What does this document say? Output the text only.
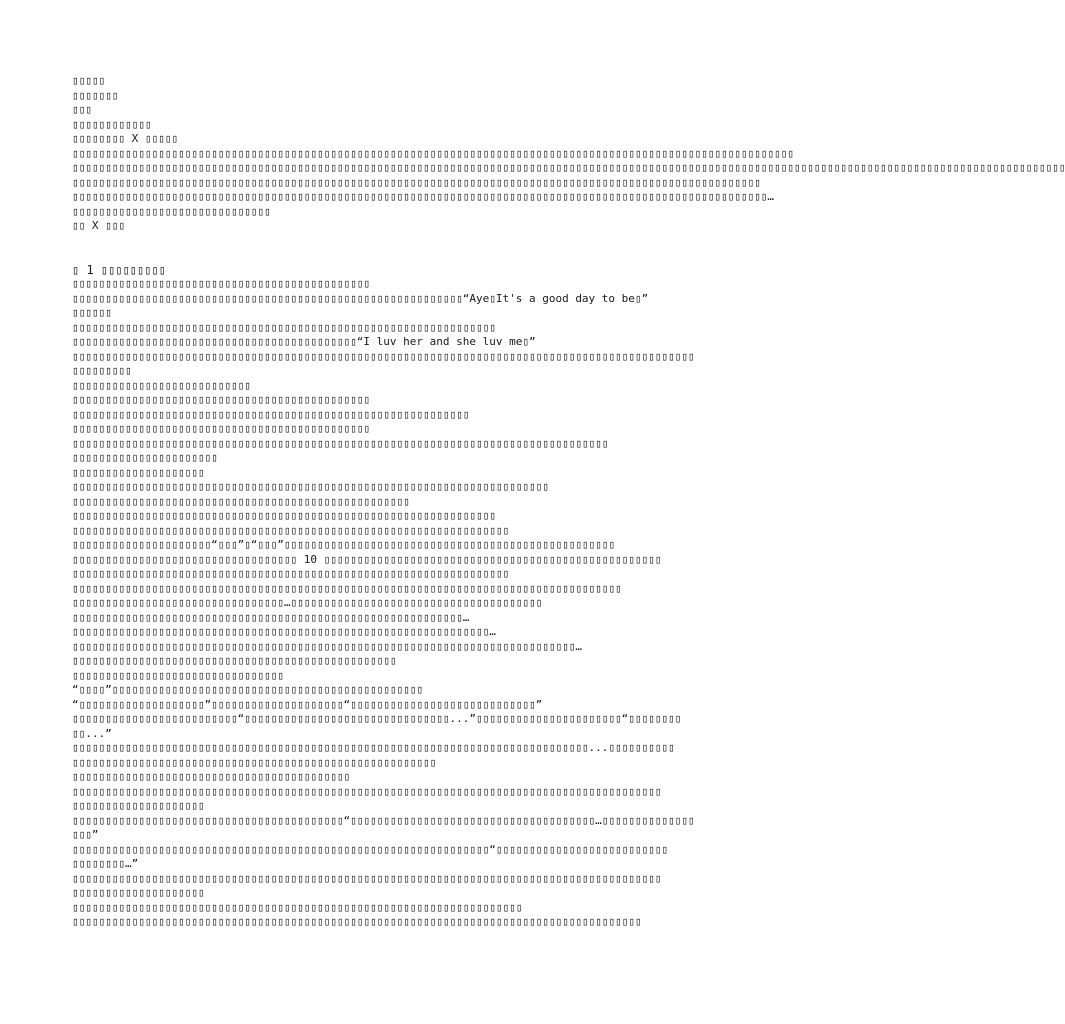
▯▯▯▯▯
▯▯▯▯▯▯▯
▯▯▯
▯▯▯▯▯▯▯▯▯▯▯▯
▯▯▯▯▯▯▯▯ X ▯▯▯▯▯
▯▯▯▯▯▯▯▯▯▯▯▯▯▯▯▯▯▯▯▯▯▯▯▯▯▯▯▯▯▯▯▯▯▯▯▯▯▯▯▯▯▯▯▯▯▯▯▯▯▯▯▯▯▯▯▯▯▯▯▯▯▯▯▯▯▯▯▯▯▯▯▯▯▯▯▯▯▯▯▯▯▯▯▯▯▯▯▯▯▯▯▯▯▯▯▯▯▯▯▯▯▯▯▯▯▯▯▯▯
▯▯▯▯▯▯▯▯▯▯▯▯▯▯▯▯▯▯▯▯▯▯▯▯▯▯▯▯▯▯▯▯▯▯▯▯▯▯▯▯▯▯▯▯▯▯▯▯▯▯▯▯▯▯▯▯▯▯▯▯▯▯▯▯▯▯▯▯▯▯▯▯▯▯▯▯▯▯▯▯▯▯▯▯▯▯▯▯▯▯▯▯▯▯▯▯▯▯▯▯▯▯▯▯▯▯▯▯▯▯▯▯▯▯▯▯▯▯▯▯▯▯▯▯▯▯▯▯▯▯▯▯▯▯▯▯▯▯▯▯▯▯▯▯▯▯▯▯▯▯
▯▯▯▯▯▯▯▯▯▯▯▯▯▯▯▯▯▯▯▯▯▯▯▯▯▯▯▯▯▯▯▯▯▯▯▯▯▯▯▯▯▯▯▯▯▯▯▯▯▯▯▯▯▯▯▯▯▯▯▯▯▯▯▯▯▯▯▯▯▯▯▯▯▯▯▯▯▯▯▯▯▯▯▯▯▯▯▯▯▯▯▯▯▯▯▯▯▯▯▯▯▯▯▯
▯▯▯▯▯▯▯▯▯▯▯▯▯▯▯▯▯▯▯▯▯▯▯▯▯▯▯▯▯▯▯▯▯▯▯▯▯▯▯▯▯▯▯▯▯▯▯▯▯▯▯▯▯▯▯▯▯▯▯▯▯▯▯▯▯▯▯▯▯▯▯▯▯▯▯▯▯▯▯▯▯▯▯▯▯▯▯▯▯▯▯▯▯▯▯▯▯▯▯▯▯▯▯▯▯…
▯▯▯▯▯▯▯▯▯▯▯▯▯▯▯▯▯▯▯▯▯▯▯▯▯▯▯▯▯▯
▯▯ X ▯▯▯
▯ 1 ▯▯▯▯▯▯▯▯▯
▯▯▯▯▯▯▯▯▯▯▯▯▯▯▯▯▯▯▯▯▯▯▯▯▯▯▯▯▯▯▯▯▯▯▯▯▯▯▯▯▯▯▯▯▯
▯▯▯▯▯▯▯▯▯▯▯▯▯▯▯▯▯▯▯▯▯▯▯▯▯▯▯▯▯▯▯▯▯▯▯▯▯▯▯▯▯▯▯▯▯▯▯▯▯▯▯▯▯▯▯▯▯▯▯“Aye▯It's a good day to be▯”
▯▯▯▯▯▯
▯▯▯▯▯▯▯▯▯▯▯▯▯▯▯▯▯▯▯▯▯▯▯▯▯▯▯▯▯▯▯▯▯▯▯▯▯▯▯▯▯▯▯▯▯▯▯▯▯▯▯▯▯▯▯▯▯▯▯▯▯▯▯▯
▯▯▯▯▯▯▯▯▯▯▯▯▯▯▯▯▯▯▯▯▯▯▯▯▯▯▯▯▯▯▯▯▯▯▯▯▯▯▯▯▯▯▯“I luv her and she luv me▯”
▯▯▯▯▯▯▯▯▯▯▯▯▯▯▯▯▯▯▯▯▯▯▯▯▯▯▯▯▯▯▯▯▯▯▯▯▯▯▯▯▯▯▯▯▯▯▯▯▯▯▯▯▯▯▯▯▯▯▯▯▯▯▯▯▯▯▯▯▯▯▯▯▯▯▯▯▯▯▯▯▯▯▯▯▯▯▯▯▯▯▯▯▯▯
▯▯▯▯▯▯▯▯▯
▯▯▯▯▯▯▯▯▯▯▯▯▯▯▯▯▯▯▯▯▯▯▯▯▯▯▯
▯▯▯▯▯▯▯▯▯▯▯▯▯▯▯▯▯▯▯▯▯▯▯▯▯▯▯▯▯▯▯▯▯▯▯▯▯▯▯▯▯▯▯▯▯
▯▯▯▯▯▯▯▯▯▯▯▯▯▯▯▯▯▯▯▯▯▯▯▯▯▯▯▯▯▯▯▯▯▯▯▯▯▯▯▯▯▯▯▯▯▯▯▯▯▯▯▯▯▯▯▯▯▯▯▯
▯▯▯▯▯▯▯▯▯▯▯▯▯▯▯▯▯▯▯▯▯▯▯▯▯▯▯▯▯▯▯▯▯▯▯▯▯▯▯▯▯▯▯▯▯
▯▯▯▯▯▯▯▯▯▯▯▯▯▯▯▯▯▯▯▯▯▯▯▯▯▯▯▯▯▯▯▯▯▯▯▯▯▯▯▯▯▯▯▯▯▯▯▯▯▯▯▯▯▯▯▯▯▯▯▯▯▯▯▯▯▯▯▯▯▯▯▯▯▯▯▯▯▯▯▯▯
▯▯▯▯▯▯▯▯▯▯▯▯▯▯▯▯▯▯▯▯▯▯
▯▯▯▯▯▯▯▯▯▯▯▯▯▯▯▯▯▯▯▯
▯▯▯▯▯▯▯▯▯▯▯▯▯▯▯▯▯▯▯▯▯▯▯▯▯▯▯▯▯▯▯▯▯▯▯▯▯▯▯▯▯▯▯▯▯▯▯▯▯▯▯▯▯▯▯▯▯▯▯▯▯▯▯▯▯▯▯▯▯▯▯▯
▯▯▯▯▯▯▯▯▯▯▯▯▯▯▯▯▯▯▯▯▯▯▯▯▯▯▯▯▯▯▯▯▯▯▯▯▯▯▯▯▯▯▯▯▯▯▯▯▯▯▯
▯▯▯▯▯▯▯▯▯▯▯▯▯▯▯▯▯▯▯▯▯▯▯▯▯▯▯▯▯▯▯▯▯▯▯▯▯▯▯▯▯▯▯▯▯▯▯▯▯▯▯▯▯▯▯▯▯▯▯▯▯▯▯▯
▯▯▯▯▯▯▯▯▯▯▯▯▯▯▯▯▯▯▯▯▯▯▯▯▯▯▯▯▯▯▯▯▯▯▯▯▯▯▯▯▯▯▯▯▯▯▯▯▯▯▯▯▯▯▯▯▯▯▯▯▯▯▯▯▯▯
▯▯▯▯▯▯▯▯▯▯▯▯▯▯▯▯▯▯▯▯▯“▯▯▯”▯“▯▯▯”▯▯▯▯▯▯▯▯▯▯▯▯▯▯▯▯▯▯▯▯▯▯▯▯▯▯▯▯▯▯▯▯▯▯▯▯▯▯▯▯▯▯▯▯▯▯▯▯▯▯
▯▯▯▯▯▯▯▯▯▯▯▯▯▯▯▯▯▯▯▯▯▯▯▯▯▯▯▯▯▯▯▯▯▯ 10 ▯▯▯▯▯▯▯▯▯▯▯▯▯▯▯▯▯▯▯▯▯▯▯▯▯▯▯▯▯▯▯▯▯▯▯▯▯▯▯▯▯▯▯▯▯▯▯▯▯▯▯
▯▯▯▯▯▯▯▯▯▯▯▯▯▯▯▯▯▯▯▯▯▯▯▯▯▯▯▯▯▯▯▯▯▯▯▯▯▯▯▯▯▯▯▯▯▯▯▯▯▯▯▯▯▯▯▯▯▯▯▯▯▯▯▯▯▯
▯▯▯▯▯▯▯▯▯▯▯▯▯▯▯▯▯▯▯▯▯▯▯▯▯▯▯▯▯▯▯▯▯▯▯▯▯▯▯▯▯▯▯▯▯▯▯▯▯▯▯▯▯▯▯▯▯▯▯▯▯▯▯▯▯▯▯▯▯▯▯▯▯▯▯▯▯▯▯▯▯▯▯
▯▯▯▯▯▯▯▯▯▯▯▯▯▯▯▯▯▯▯▯▯▯▯▯▯▯▯▯▯▯▯▯…▯▯▯▯▯▯▯▯▯▯▯▯▯▯▯▯▯▯▯▯▯▯▯▯▯▯▯▯▯▯▯▯▯▯▯▯▯▯
▯▯▯▯▯▯▯▯▯▯▯▯▯▯▯▯▯▯▯▯▯▯▯▯▯▯▯▯▯▯▯▯▯▯▯▯▯▯▯▯▯▯▯▯▯▯▯▯▯▯▯▯▯▯▯▯▯▯▯…
▯▯▯▯▯▯▯▯▯▯▯▯▯▯▯▯▯▯▯▯▯▯▯▯▯▯▯▯▯▯▯▯▯▯▯▯▯▯▯▯▯▯▯▯▯▯▯▯▯▯▯▯▯▯▯▯▯▯▯▯▯▯▯…
▯▯▯▯▯▯▯▯▯▯▯▯▯▯▯▯▯▯▯▯▯▯▯▯▯▯▯▯▯▯▯▯▯▯▯▯▯▯▯▯▯▯▯▯▯▯▯▯▯▯▯▯▯▯▯▯▯▯▯▯▯▯▯▯▯▯▯▯▯▯▯▯▯▯▯▯…
▯▯▯▯▯▯▯▯▯▯▯▯▯▯▯▯▯▯▯▯▯▯▯▯▯▯▯▯▯▯▯▯▯▯▯▯▯▯▯▯▯▯▯▯▯▯▯▯▯
▯▯▯▯▯▯▯▯▯▯▯▯▯▯▯▯▯▯▯▯▯▯▯▯▯▯▯▯▯▯▯▯
“▯▯▯▯”▯▯▯▯▯▯▯▯▯▯▯▯▯▯▯▯▯▯▯▯▯▯▯▯▯▯▯▯▯▯▯▯▯▯▯▯▯▯▯▯▯▯▯▯▯▯▯
“▯▯▯▯▯▯▯▯▯▯▯▯▯▯▯▯▯▯▯”▯▯▯▯▯▯▯▯▯▯▯▯▯▯▯▯▯▯▯▯“▯▯▯▯▯▯▯▯▯▯▯▯▯▯▯▯▯▯▯▯▯▯▯▯▯▯▯▯”
▯▯▯▯▯▯▯▯▯▯▯▯▯▯▯▯▯▯▯▯▯▯▯▯▯“▯▯▯▯▯▯▯▯▯▯▯▯▯▯▯▯▯▯▯▯▯▯▯▯▯▯▯▯▯▯▯...”▯▯▯▯▯▯▯▯▯▯▯▯▯▯▯▯▯▯▯▯▯▯“▯▯▯▯▯▯▯▯
▯▯...”
▯▯▯▯▯▯▯▯▯▯▯▯▯▯▯▯▯▯▯▯▯▯▯▯▯▯▯▯▯▯▯▯▯▯▯▯▯▯▯▯▯▯▯▯▯▯▯▯▯▯▯▯▯▯▯▯▯▯▯▯▯▯▯▯▯▯▯▯▯▯▯▯▯▯▯▯▯▯...▯▯▯▯▯▯▯▯▯▯
▯▯▯▯▯▯▯▯▯▯▯▯▯▯▯▯▯▯▯▯▯▯▯▯▯▯▯▯▯▯▯▯▯▯▯▯▯▯▯▯▯▯▯▯▯▯▯▯▯▯▯▯▯▯▯
▯▯▯▯▯▯▯▯▯▯▯▯▯▯▯▯▯▯▯▯▯▯▯▯▯▯▯▯▯▯▯▯▯▯▯▯▯▯▯▯▯▯
▯▯▯▯▯▯▯▯▯▯▯▯▯▯▯▯▯▯▯▯▯▯▯▯▯▯▯▯▯▯▯▯▯▯▯▯▯▯▯▯▯▯▯▯▯▯▯▯▯▯▯▯▯▯▯▯▯▯▯▯▯▯▯▯▯▯▯▯▯▯▯▯▯▯▯▯▯▯▯▯▯▯▯▯▯▯▯▯▯
▯▯▯▯▯▯▯▯▯▯▯▯▯▯▯▯▯▯▯▯
▯▯▯▯▯▯▯▯▯▯▯▯▯▯▯▯▯▯▯▯▯▯▯▯▯▯▯▯▯▯▯▯▯▯▯▯▯▯▯▯▯“▯▯▯▯▯▯▯▯▯▯▯▯▯▯▯▯▯▯▯▯▯▯▯▯▯▯▯▯▯▯▯▯▯▯▯▯▯…▯▯▯▯▯▯▯▯▯▯▯▯▯▯
▯▯▯”
▯▯▯▯▯▯▯▯▯▯▯▯▯▯▯▯▯▯▯▯▯▯▯▯▯▯▯▯▯▯▯▯▯▯▯▯▯▯▯▯▯▯▯▯▯▯▯▯▯▯▯▯▯▯▯▯▯▯▯▯▯▯▯“▯▯▯▯▯▯▯▯▯▯▯▯▯▯▯▯▯▯▯▯▯▯▯▯▯▯
▯▯▯▯▯▯▯▯…”
▯▯▯▯▯▯▯▯▯▯▯▯▯▯▯▯▯▯▯▯▯▯▯▯▯▯▯▯▯▯▯▯▯▯▯▯▯▯▯▯▯▯▯▯▯▯▯▯▯▯▯▯▯▯▯▯▯▯▯▯▯▯▯▯▯▯▯▯▯▯▯▯▯▯▯▯▯▯▯▯▯▯▯▯▯▯▯▯▯
▯▯▯▯▯▯▯▯▯▯▯▯▯▯▯▯▯▯▯▯
▯▯▯▯▯▯▯▯▯▯▯▯▯▯▯▯▯▯▯▯▯▯▯▯▯▯▯▯▯▯▯▯▯▯▯▯▯▯▯▯▯▯▯▯▯▯▯▯▯▯▯▯▯▯▯▯▯▯▯▯▯▯▯▯▯▯▯▯
▯▯▯▯▯▯▯▯▯▯▯▯▯▯▯▯▯▯▯▯▯▯▯▯▯▯▯▯▯▯▯▯▯▯▯▯▯▯▯▯▯▯▯▯▯▯▯▯▯▯▯▯▯▯▯▯▯▯▯▯▯▯▯▯▯▯▯▯▯▯▯▯▯▯▯▯▯▯▯▯▯▯▯▯▯▯
